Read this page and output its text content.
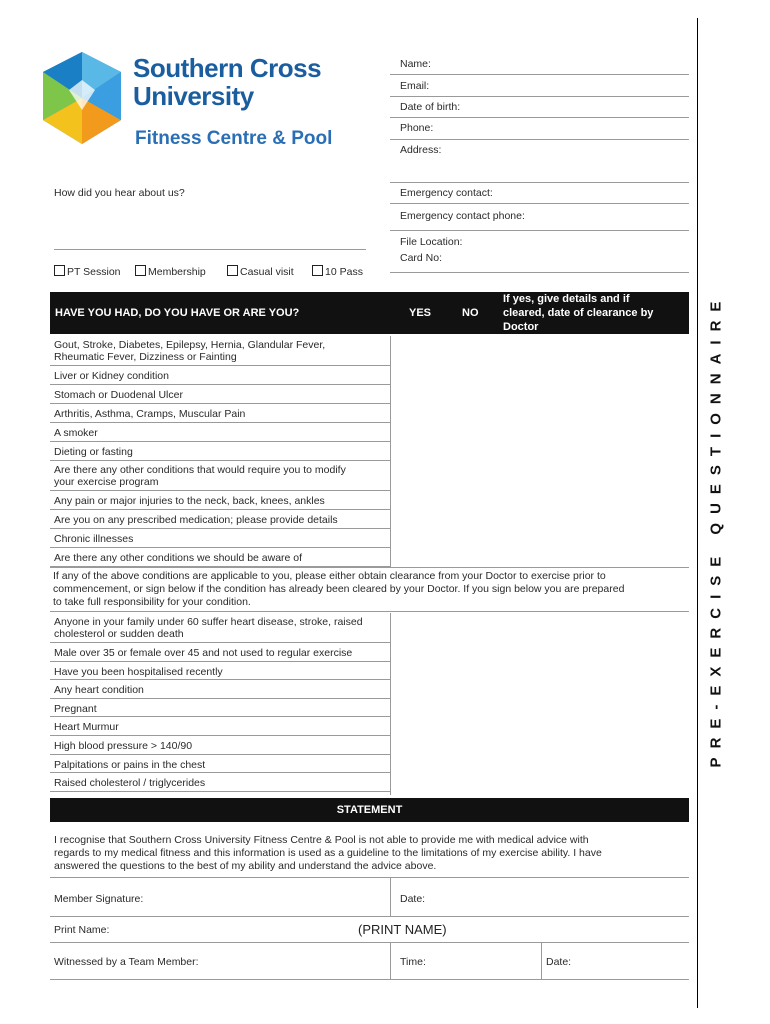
Southern Cross
University
Fitness Centre & Pool
Name:
Email:
Date of birth:
Phone:
Address:
Emergency contact:
Emergency contact phone:
File Location:
Card No:
How did you hear about us?
PT Session	Membership	Casual visit	10 Pass
PRE-EXERCISE QUESTIONNAIRE
HAVE YOU HAD, DO YOU HAVE OR ARE YOU?	YES	NO
If yes, give details and if
cleared, date of clearance by
Doctor
Gout, Stroke, Diabetes, Epilepsy, Hernia, Glandular Fever,
Rheumatic Fever, Dizziness or Fainting
Liver or Kidney condition
Stomach or Duodenal Ulcer
Arthritis, Asthma, Cramps, Muscular Pain
A smoker
Dieting or fasting
Are there any other conditions that would require you to modify
your exercise program
Any pain or major injuries to the neck, back, knees, ankles
Are you on any prescribed medication; please provide details
Chronic illnesses
Are there any other conditions we should be aware of
If any of the above conditions are applicable to you, please either obtain clearance from your Doctor to exercise prior to
commencement, or sign below if the condition has already been cleared by your Doctor. If you sign below you are prepared
to take full responsibility for your condition.
Anyone in your family under 60 suffer heart disease, stroke, raised
cholesterol or sudden death
Male over 35 or female over 45 and not used to regular exercise
Have you been hospitalised recently
Any heart condition
Pregnant
Heart Murmur
High blood pressure > 140/90
Palpitations or pains in the chest
Raised cholesterol / triglycerides
STATEMENT
I recognise that Southern Cross University Fitness Centre & Pool is not able to provide me with medical advice with
regards to my medical fitness and this information is used as a guideline to the limitations of my exercise ability. I have
answered the questions to the best of my ability and understand the advice above.
Member Signature:	Date:
Print Name:	(PRINT NAME)
Witnessed by a Team Member:	Time:	Date:
